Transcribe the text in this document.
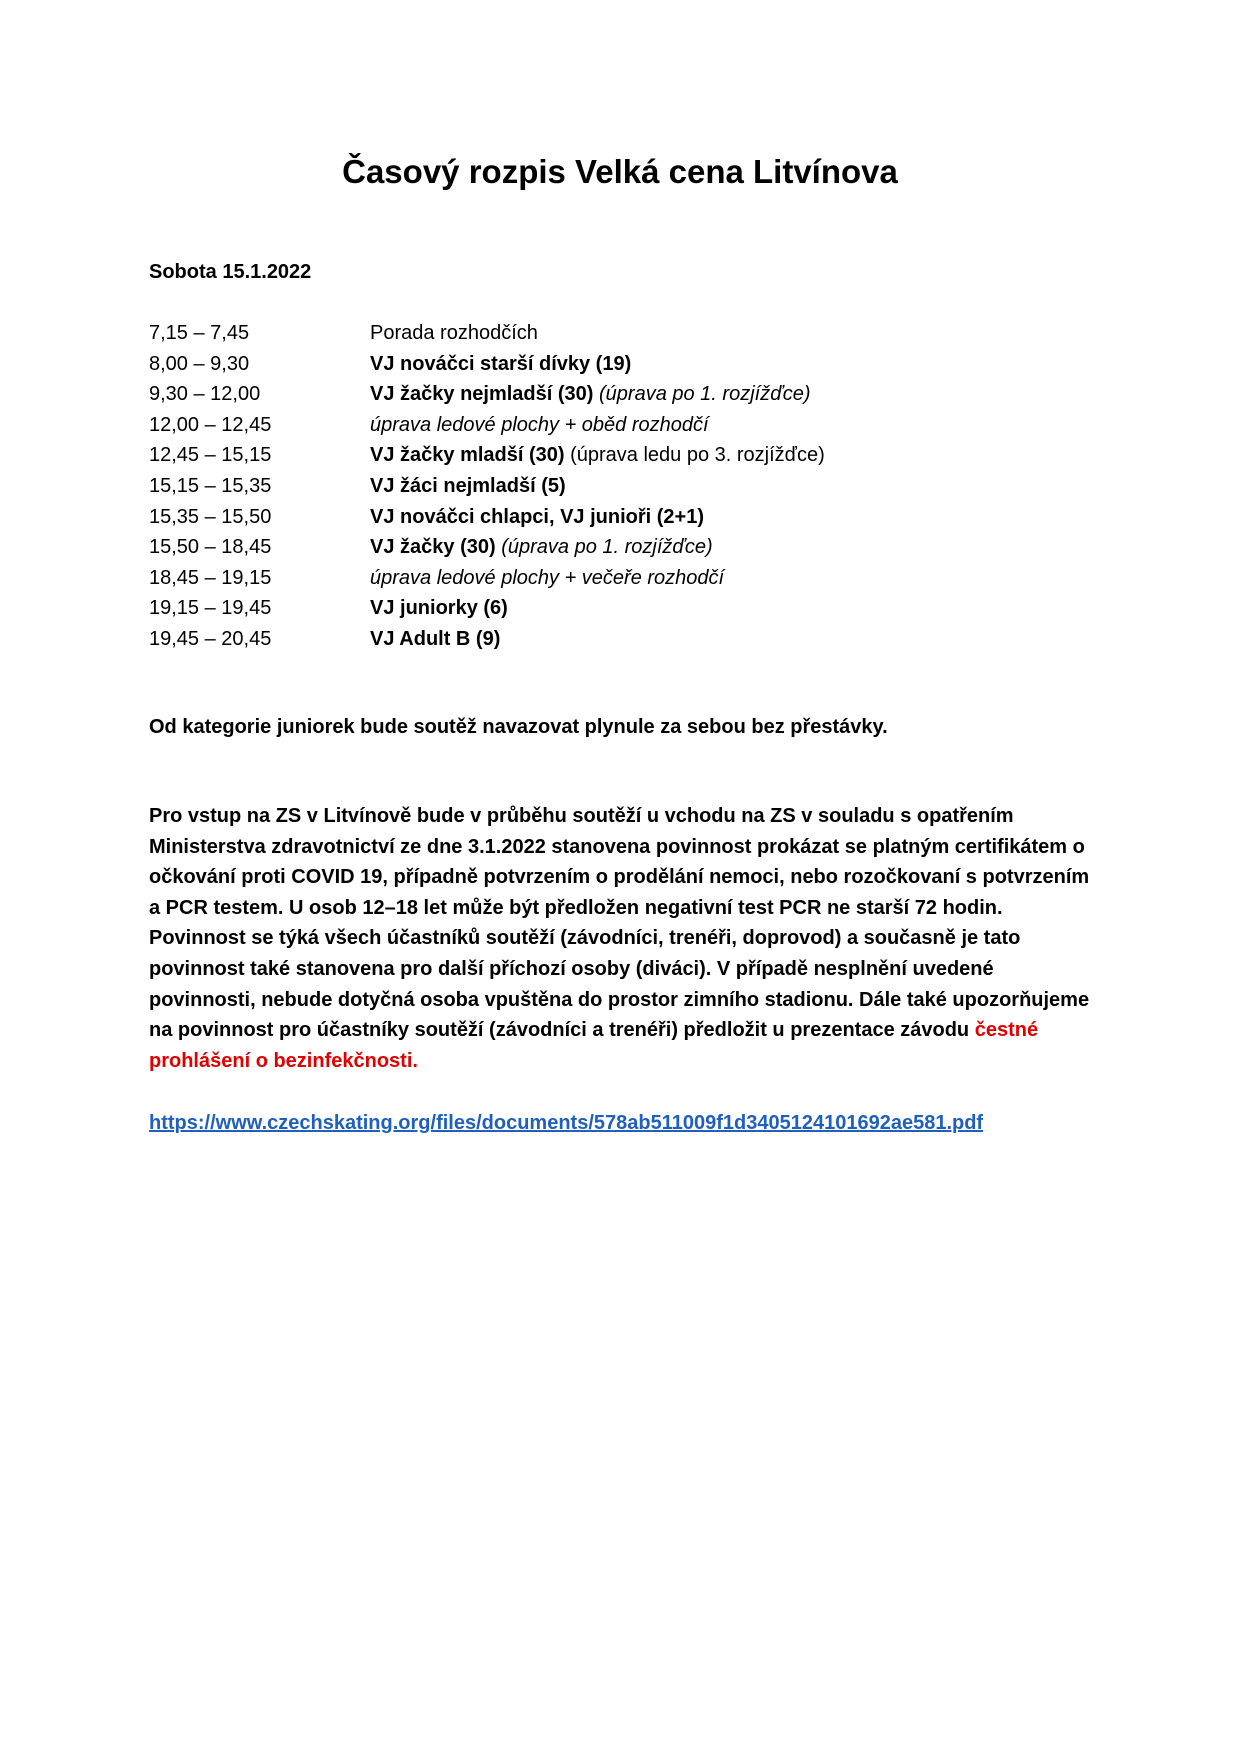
Časový rozpis Velká cena Litvínova

Sobota 15.1.2022

7,15 – 7,45	Porada rozhodčích
8,00 – 9,30	VJ nováčci starší dívky (19)
9,30 – 12,00	VJ žačky nejmladší (30) (úprava po 1. rozjížďce)
12,00 – 12,45	úprava ledové plochy + oběd rozhodčí
12,45 – 15,15	VJ žačky mladší (30) (úprava ledu po 3. rozjížďce)
15,15 – 15,35	VJ žáci nejmladší (5)
15,35 – 15,50	VJ nováčci chlapci, VJ junioři (2+1)
15,50 – 18,45	VJ žačky (30) (úprava po 1. rozjížďce)
18,45 – 19,15	úprava ledové plochy + večeře rozhodčí
19,15 – 19,45	VJ juniorky (6)
19,45 – 20,45	VJ Adult B (9)

Od kategorie juniorek bude soutěž navazovat plynule za sebou bez přestávky.

Pro vstup na ZS v Litvínově bude v průběhu soutěží u vchodu na ZS v souladu s opatřením Ministerstva zdravotnictví ze dne 3.1.2022 stanovena povinnost prokázat se platným certifikátem o očkování proti COVID 19, případně potvrzením o prodělání nemoci, nebo rozočkovaní s potvrzením a PCR testem. U osob 12–18 let může být předložen negativní test PCR ne starší 72 hodin. Povinnost se týká všech účastníků soutěží (závodníci, trenéři, doprovod) a současně je tato povinnost také stanovena pro další příchozí osoby (diváci). V případě nesplnění uvedené povinnosti, nebude dotyčná osoba vpuštěna do prostor zimního stadionu. Dále také upozorňujeme na povinnost pro účastníky soutěží (závodníci a trenéři) předložit u prezentace závodu čestné prohlášení o bezinfekčnosti.

https://www.czechskating.org/files/documents/578ab511009f1d3405124101692ae581.pdf
